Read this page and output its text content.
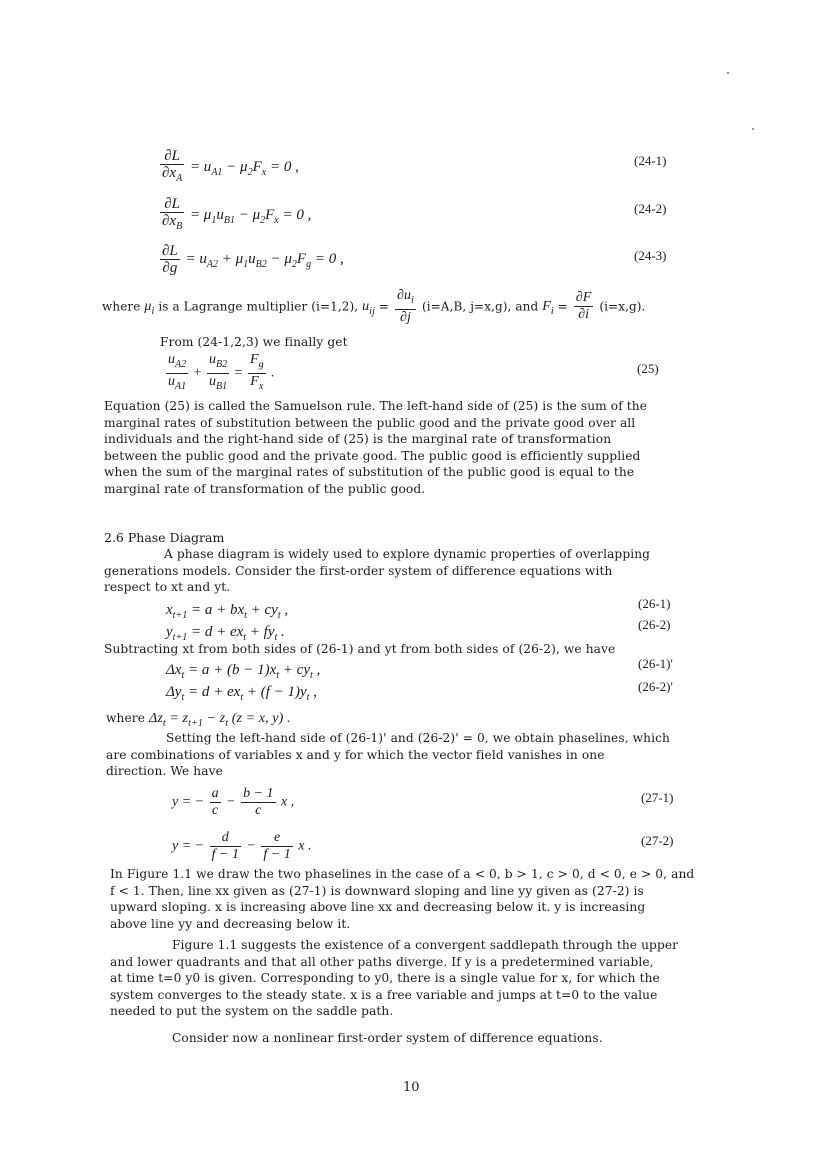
$\frac{\partial L}{\partial x_A} = u_{A1} - \mu_2F_x = 0$ ,	(24-1)
$\frac{\partial L}{\partial x_B} = \mu_1u_{B1} - \mu_2F_x = 0$ ,	(24-2)
$\frac{\partial L}{\partial g} = u_{A2} + \mu_1u_{B2} - \mu_2F_g = 0$ ,	(24-3)
where $\mu_i$ is a Lagrange multiplier (i=1,2), $u_{ij} = \frac{\partial u_i}{\partial j} (i=A,B$, j=x,g), and $F_i = \frac{\partial F}{\partial i} (i=x,g)$.
From (24-1,2,3) we finally get
$\frac{u_{A2}}{u_{A1}} + \frac{u_{B2}}{u_{B1}} = \frac{F_g}{F_x}$ .	(25)
Equation (25) is called the Samuelson rule. The left-hand side of (25) is the sum of the
marginal rates of substitution between the public good and the private good over all
individuals and the right-hand side of (25) is the marginal rate of transformation
between the public good and the private good. The public good is efficiently supplied
when the sum of the marginal rates of substitution of the public good is equal to the
marginal rate of transformation of the public good.
2.6 Phase Diagram
A phase diagram is widely used to explore dynamic properties of overlapping
generations models. Consider the first-order system of difference equations with
respect to xt and yt.
$x_{t+1} = a + bx_t + cy_t$ ,	(26-1)
$y_{t+1} = d + ex_t + fy_t$ .	(26-2)
Subtracting xt from both sides of (26-1) and yt from both sides of (26-2), we have
$\Delta x_t = a + (b - 1)x_t + cy_t$ ,	(26-1)'
$\Delta y_t = d + ex_t + (f - 1)y_t$ ,	(26-2)'
where $\Delta z_t = z_{t+1} - z_t$ (z = x, y) .
Setting the left-hand side of (26-1)' and (26-2)' = 0, we obtain phaselines, which
are combinations of variables x and y for which the vector field vanishes in one
direction. We have
y = − $\frac{a}{c} - \frac{b - 1}{c}$ x ,	(27-1)
y = − $\frac{d}{f - 1} - \frac{e}{f - 1}$ x .	(27-2)
In Figure 1.1 we draw the two phaselines in the case of a < 0, b > 1, c > 0, d < 0, e > 0, and
f < 1. Then, line xx given as (27-1) is downward sloping and line yy given as (27-2) is
upward sloping. x is increasing above line xx and decreasing below it. y is increasing
above line yy and decreasing below it.
Figure 1.1 suggests the existence of a convergent saddlepath through the upper
and lower quadrants and that all other paths diverge. If y is a predetermined variable,
at time t=0 y0 is given. Corresponding to y0, there is a single value for x, for which the
system converges to the steady state. x is a free variable and jumps at t=0 to the value
needed to put the system on the saddle path.
Consider now a nonlinear first-order system of difference equations.
10
